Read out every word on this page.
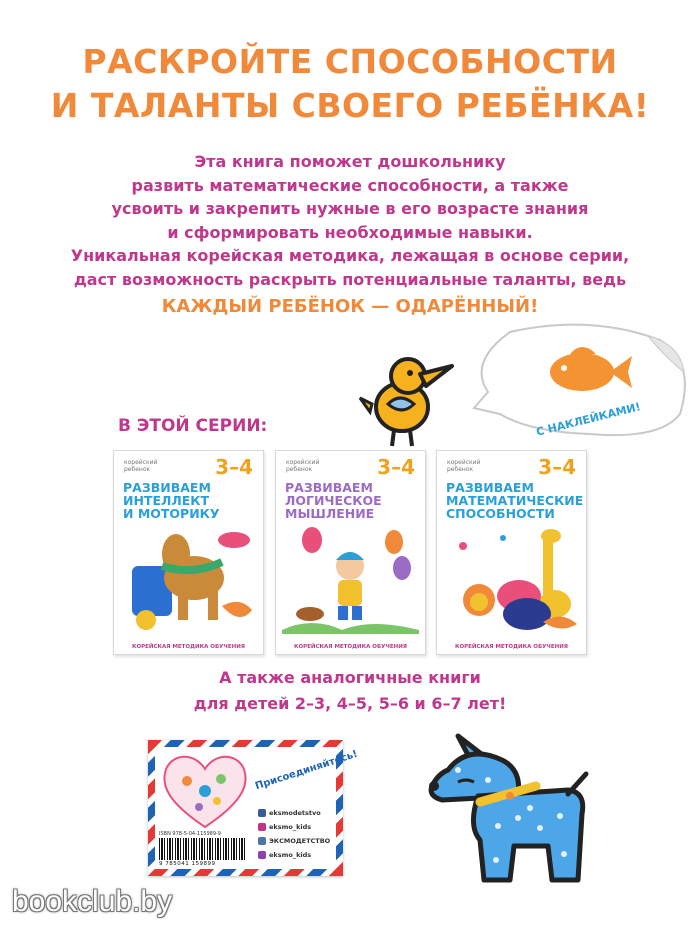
РАСКРОЙТЕ СПОСОБНОСТИ
И ТАЛАНТЫ СВОЕГО РЕБЁНКА!
Эта книга поможет дошкольнику
развить математические способности, а также
усвоить и закрепить нужные в его возрасте знания
и сформировать необходимые навыки.
Уникальная корейская методика, лежащая в основе серии,
даст возможность раскрыть потенциальные таланты, ведь
КАЖДЫЙ РЕБЁНОК — ОДАРЁННЫЙ!
С НАКЛЕЙКАМИ!
В ЭТОЙ СЕРИИ:
корейский
ребенок	3–4
РАЗВИВАЕМ
ИНТЕЛЛЕКТ
И МОТОРИКУ
КОРЕЙСКАЯ МЕТОДИКА ОБУЧЕНИЯ
корейский
ребенок	3–4
РАЗВИВАЕМ
ЛОГИЧЕСКОЕ
МЫШЛЕНИЕ
КОРЕЙСКАЯ МЕТОДИКА ОБУЧЕНИЯ
корейский
ребенок	3–4
РАЗВИВАЕМ
МАТЕМАТИЧЕСКИЕ
СПОСОБНОСТИ
КОРЕЙСКАЯ МЕТОДИКА ОБУЧЕНИЯ
А также аналогичные книги
для детей 2–3, 4–5, 5–6 и 6–7 лет!
Присоединяйтесь!
eksmodetstvo
eksmo_kids
ЭКСМОДЕТСТВО
eksmo_kids
ISBN 978-5-04-115989-9
9 785041 159899
bookclub.by
